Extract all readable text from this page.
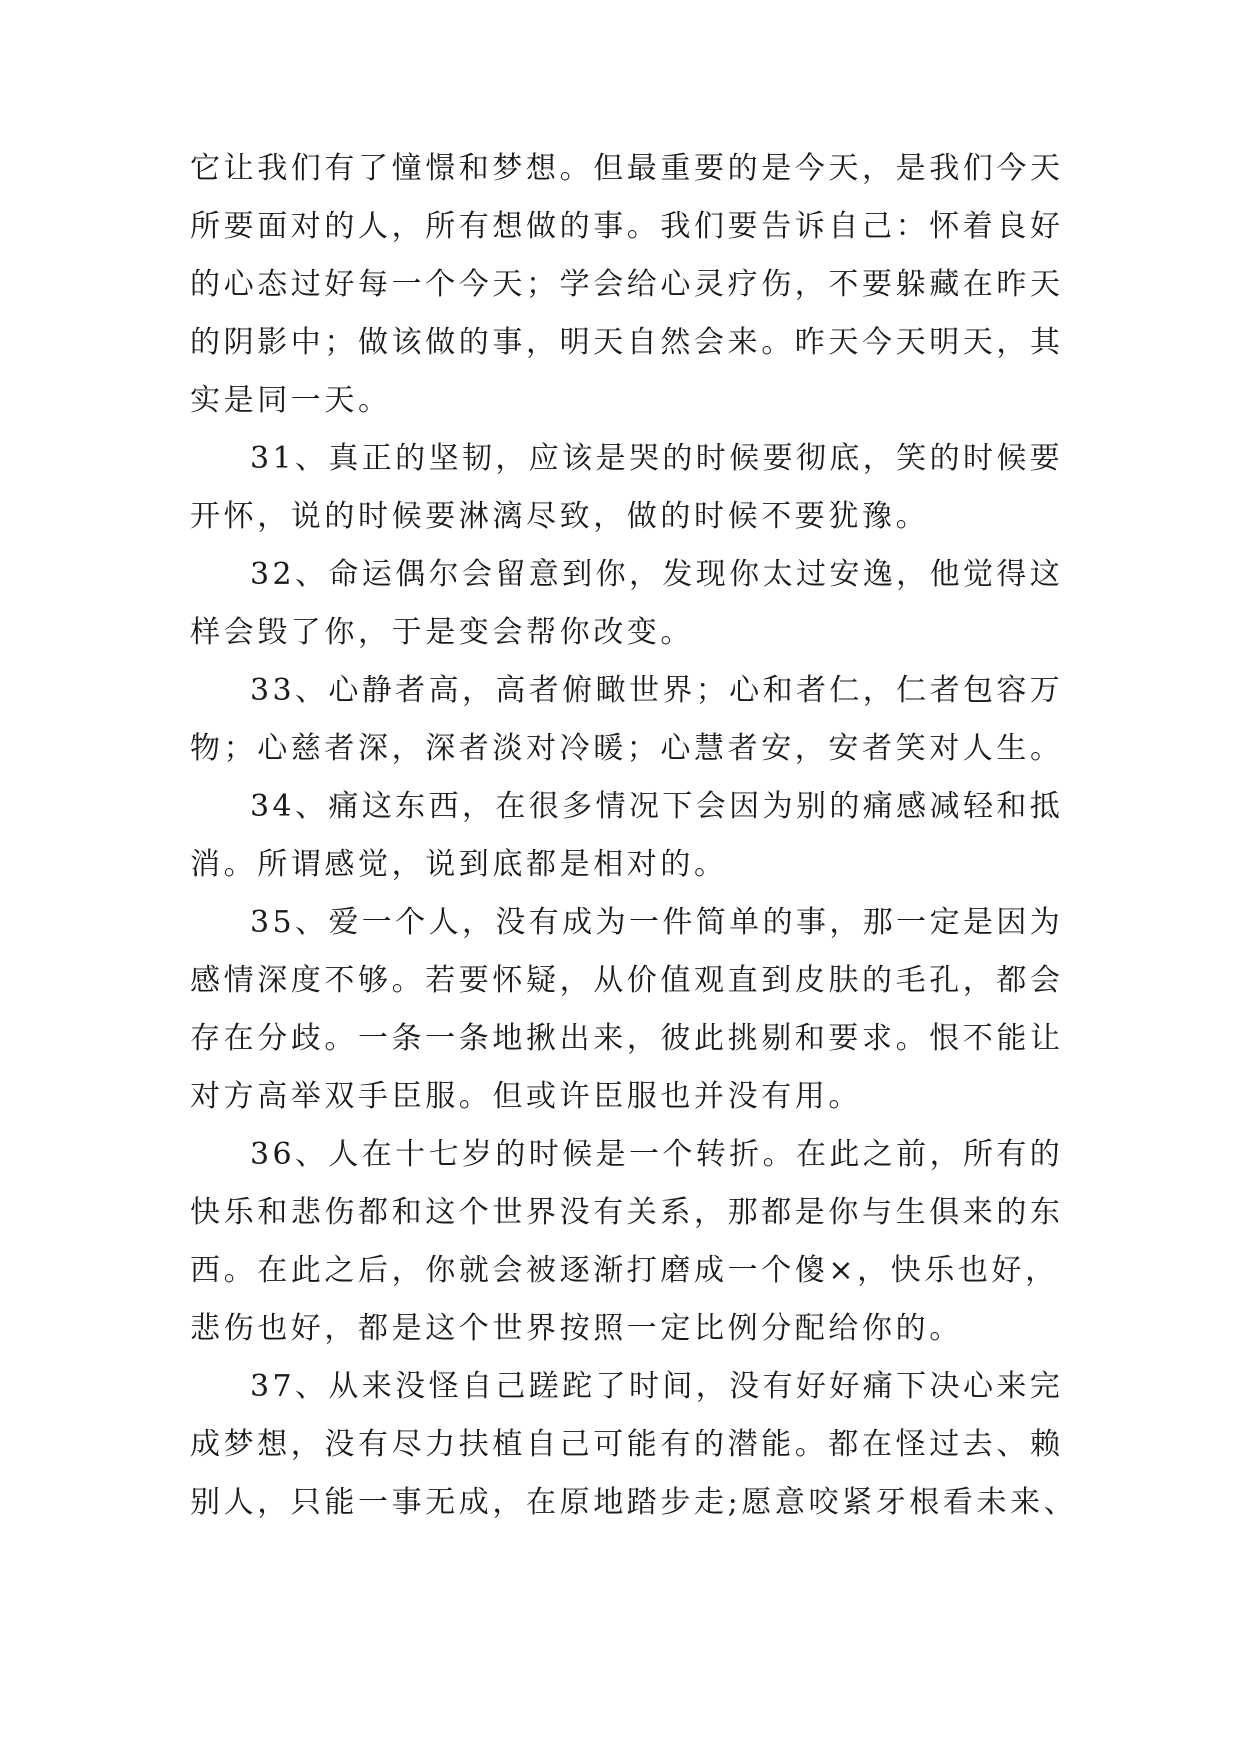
它让我们有了憧憬和梦想。但最重要的是今天，是我们今天
所要面对的人，所有想做的事。我们要告诉自己：怀着良好
的心态过好每一个今天；学会给心灵疗伤，不要躲藏在昨天
的阴影中；做该做的事，明天自然会来。昨天今天明天，其
实是同一天。
31、真正的坚韧，应该是哭的时候要彻底，笑的时候要
开怀，说的时候要淋漓尽致，做的时候不要犹豫。
32、命运偶尔会留意到你，发现你太过安逸，他觉得这
样会毁了你，于是变会帮你改变。
33、心静者高，高者俯瞰世界；心和者仁，仁者包容万
物；心慈者深，深者淡对冷暖；心慧者安，安者笑对人生。
34、痛这东西，在很多情况下会因为别的痛感减轻和抵
消。所谓感觉，说到底都是相对的。
35、爱一个人，没有成为一件简单的事，那一定是因为
感情深度不够。若要怀疑，从价值观直到皮肤的毛孔，都会
存在分歧。一条一条地揪出来，彼此挑剔和要求。恨不能让
对方高举双手臣服。但或许臣服也并没有用。
36、人在十七岁的时候是一个转折。在此之前，所有的
快乐和悲伤都和这个世界没有关系，那都是你与生俱来的东
西。在此之后，你就会被逐渐打磨成一个傻×，快乐也好，
悲伤也好，都是这个世界按照一定比例分配给你的。
37、从来没怪自己蹉跎了时间，没有好好痛下决心来完
成梦想，没有尽力扶植自己可能有的潜能。都在怪过去、赖
别人，只能一事无成，在原地踏步走;愿意咬紧牙根看未来、
